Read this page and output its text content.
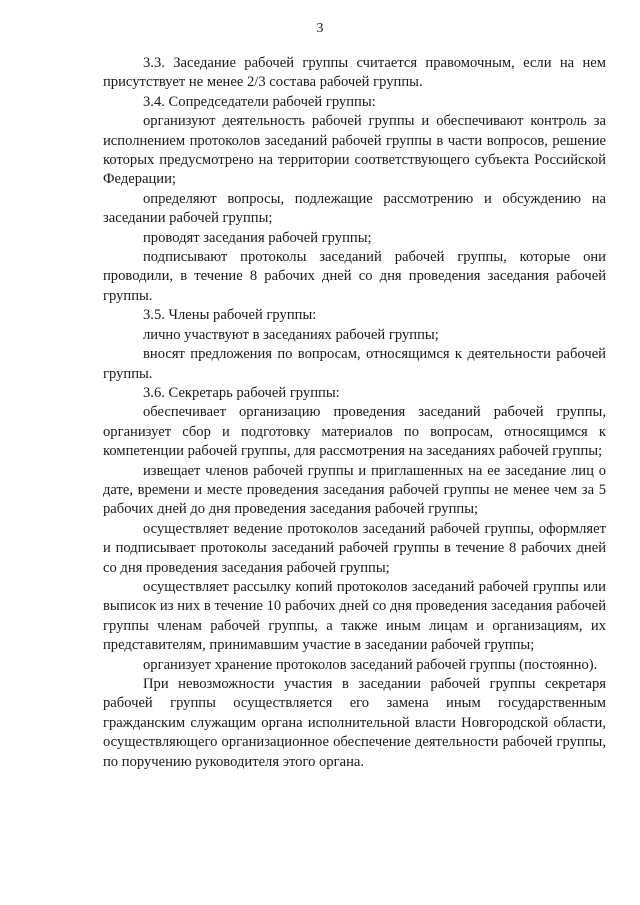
3

3.3. Заседание рабочей группы считается правомочным, если на нем присутствует не менее 2/3 состава рабочей группы.

3.4. Сопредседатели рабочей группы:

организуют деятельность рабочей группы и обеспечивают контроль за исполнением протоколов заседаний рабочей группы в части вопросов, решение которых предусмотрено на территории соответствующего субъекта Российской Федерации;

определяют вопросы, подлежащие рассмотрению и обсуждению на заседании рабочей группы;

проводят заседания рабочей группы;

подписывают протоколы заседаний рабочей группы, которые они проводили, в течение 8 рабочих дней со дня проведения заседания рабочей группы.

3.5. Члены рабочей группы:

лично участвуют в заседаниях рабочей группы;

вносят предложения по вопросам, относящимся к деятельности рабочей группы.

3.6. Секретарь рабочей группы:

обеспечивает организацию проведения заседаний рабочей группы, организует сбор и подготовку материалов по вопросам, относящимся к компетенции рабочей группы, для рассмотрения на заседаниях рабочей группы;

извещает членов рабочей группы и приглашенных на ее заседание лиц о дате, времени и месте проведения заседания рабочей группы не менее чем за 5 рабочих дней до дня проведения заседания рабочей группы;

осуществляет ведение протоколов заседаний рабочей группы, оформляет и подписывает протоколы заседаний рабочей группы в течение 8 рабочих дней со дня проведения заседания рабочей группы;

осуществляет рассылку копий протоколов заседаний рабочей группы или выписок из них в течение 10 рабочих дней со дня проведения заседания рабочей группы членам рабочей группы, а также иным лицам и организациям, их представителям, принимавшим участие в заседании рабочей группы;

организует хранение протоколов заседаний рабочей группы (постоянно).

При невозможности участия в заседании рабочей группы секретаря рабочей группы осуществляется его замена иным государственным гражданским служащим органа исполнительной власти Новгородской области, осуществляющего организационное обеспечение деятельности рабочей группы, по поручению руководителя этого органа.
